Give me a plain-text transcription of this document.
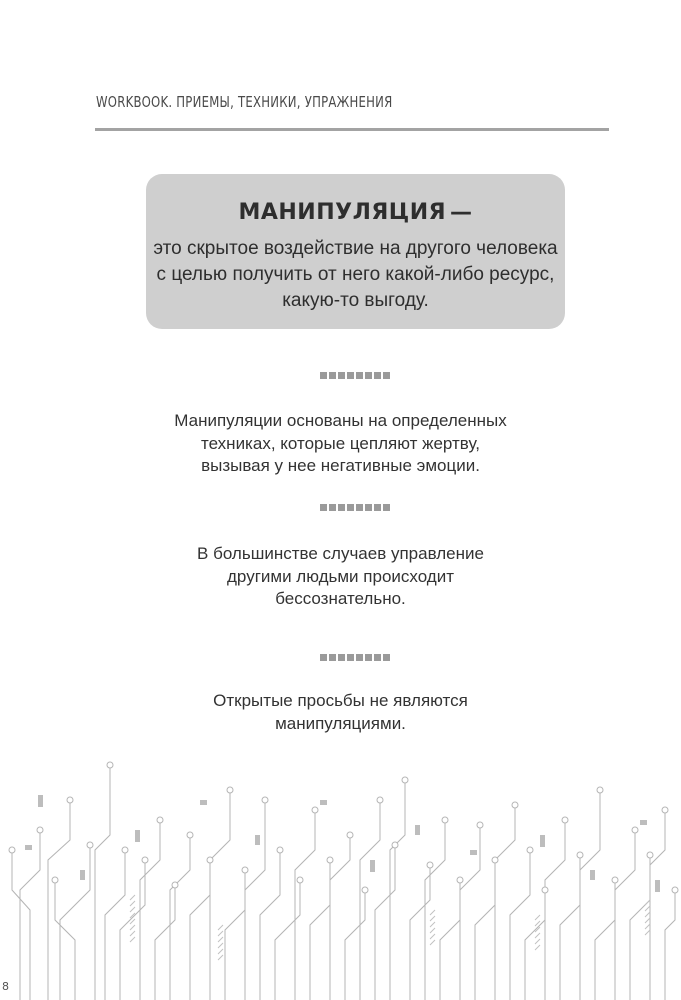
WORKBOOK. ПРИЕМЫ, ТЕХНИКИ, УПРАЖНЕНИЯ
МАНИПУЛЯЦИЯ —
это скрытое воздействие на другого человека
с целью получить от него какой-либо ресурс,
какую-то выгоду.
Манипуляции основаны на определенных
техниках, которые цепляют жертву,
вызывая у нее негативные эмоции.
В большинстве случаев управление
другими людьми происходит
бессознательно.
Открытые просьбы не являются
манипуляциями.
8
